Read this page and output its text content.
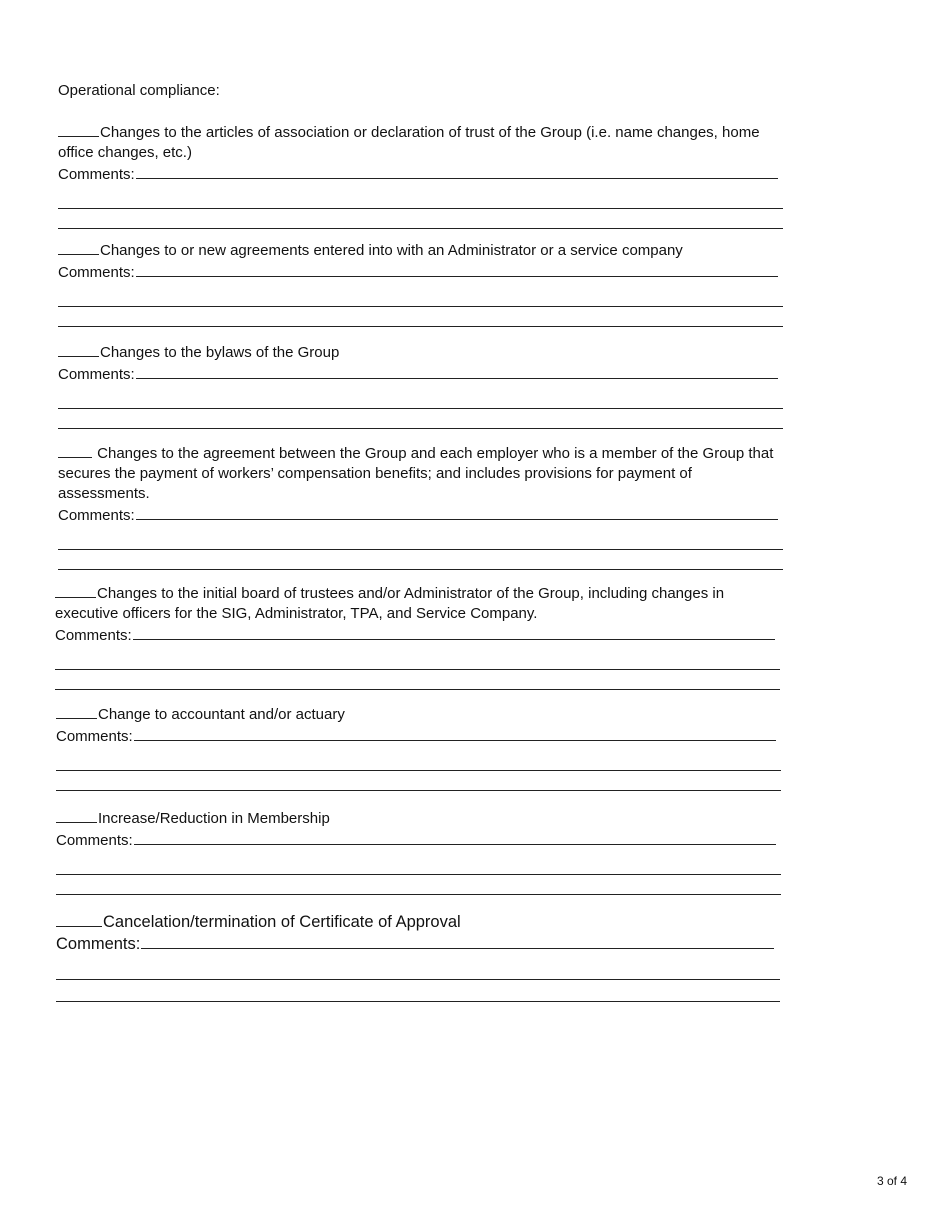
Operational compliance:
Changes to the articles of association or declaration of trust of the Group (i.e. name changes, home office changes, etc.)
Comments:
Changes to or new agreements entered into with an Administrator or a service company
Comments:
Changes to the bylaws of the Group
Comments:
Changes to the agreement between the Group and each employer who is a member of the Group that secures the payment of workers’ compensation benefits; and includes provisions for payment of assessments.
Comments:
Changes to the initial board of trustees and/or Administrator of the Group, including changes in executive officers for the SIG, Administrator, TPA, and Service Company.
Comments:
Change to accountant and/or actuary
Comments:
Increase/Reduction in Membership
Comments:
Cancelation/termination of Certificate of Approval
Comments:
3 of 4
